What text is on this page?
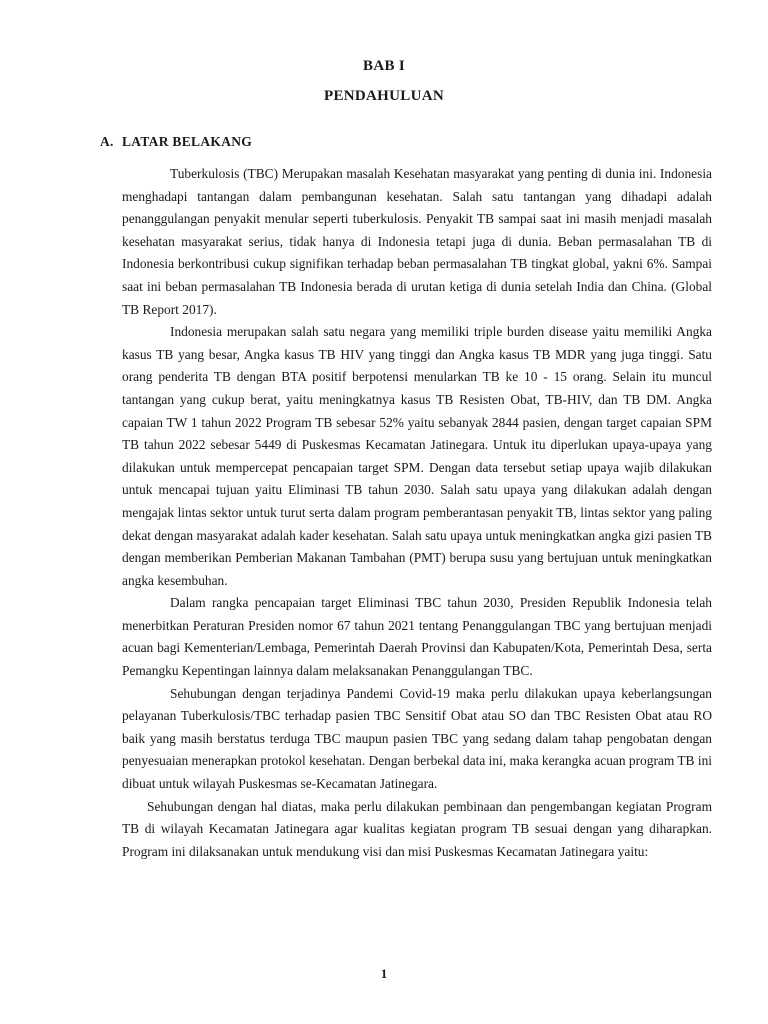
BAB I
PENDAHULUAN
A. LATAR BELAKANG

Tuberkulosis (TBC) Merupakan masalah Kesehatan masyarakat yang penting di dunia ini. Indonesia menghadapi tantangan dalam pembangunan kesehatan. Salah satu tantangan yang dihadapi adalah penanggulangan penyakit menular seperti tuberkulosis. Penyakit TB sampai saat ini masih menjadi masalah kesehatan masyarakat serius, tidak hanya di Indonesia tetapi juga di dunia. Beban permasalahan TB di Indonesia berkontribusi cukup signifikan terhadap beban permasalahan TB tingkat global, yakni 6%. Sampai saat ini beban permasalahan TB Indonesia berada di urutan ketiga di dunia setelah India dan China. (Global TB Report 2017).

Indonesia merupakan salah satu negara yang memiliki triple burden disease yaitu memiliki Angka kasus TB yang besar, Angka kasus TB HIV yang tinggi dan Angka kasus TB MDR yang juga tinggi. Satu orang penderita TB dengan BTA positif berpotensi menularkan TB ke 10 - 15 orang. Selain itu muncul tantangan yang cukup berat, yaitu meningkatnya kasus TB Resisten Obat, TB-HIV, dan TB DM. Angka capaian TW 1 tahun 2022 Program TB sebesar 52% yaitu sebanyak 2844 pasien, dengan target capaian SPM TB tahun 2022 sebesar 5449 di Puskesmas Kecamatan Jatinegara. Untuk itu diperlukan upaya-upaya yang dilakukan untuk mempercepat pencapaian target SPM. Dengan data tersebut setiap upaya wajib dilakukan untuk mencapai tujuan yaitu Eliminasi TB tahun 2030. Salah satu upaya yang dilakukan adalah dengan mengajak lintas sektor untuk turut serta dalam program pemberantasan penyakit TB, lintas sektor yang paling dekat dengan masyarakat adalah kader kesehatan. Salah satu upaya untuk meningkatkan angka gizi pasien TB dengan memberikan Pemberian Makanan Tambahan (PMT) berupa susu yang bertujuan untuk meningkatkan angka kesembuhan.

Dalam rangka pencapaian target Eliminasi TBC tahun 2030, Presiden Republik Indonesia telah menerbitkan Peraturan Presiden nomor 67 tahun 2021 tentang Penanggulangan TBC yang bertujuan menjadi acuan bagi Kementerian/Lembaga, Pemerintah Daerah Provinsi dan Kabupaten/Kota, Pemerintah Desa, serta Pemangku Kepentingan lainnya dalam melaksanakan Penanggulangan TBC.

Sehubungan dengan terjadinya Pandemi Covid-19 maka perlu dilakukan upaya keberlangsungan pelayanan Tuberkulosis/TBC terhadap pasien TBC Sensitif Obat atau SO dan TBC Resisten Obat atau RO baik yang masih berstatus terduga TBC maupun pasien TBC yang sedang dalam tahap pengobatan dengan penyesuaian menerapkan protokol kesehatan. Dengan berbekal data ini, maka kerangka acuan program TB ini dibuat untuk wilayah Puskesmas se-Kecamatan Jatinegara.

Sehubungan dengan hal diatas, maka perlu dilakukan pembinaan dan pengembangan kegiatan Program TB di wilayah Kecamatan Jatinegara agar kualitas kegiatan program TB sesuai dengan yang diharapkan. Program ini dilaksanakan untuk mendukung visi dan misi Puskesmas Kecamatan Jatinegara yaitu:

1
